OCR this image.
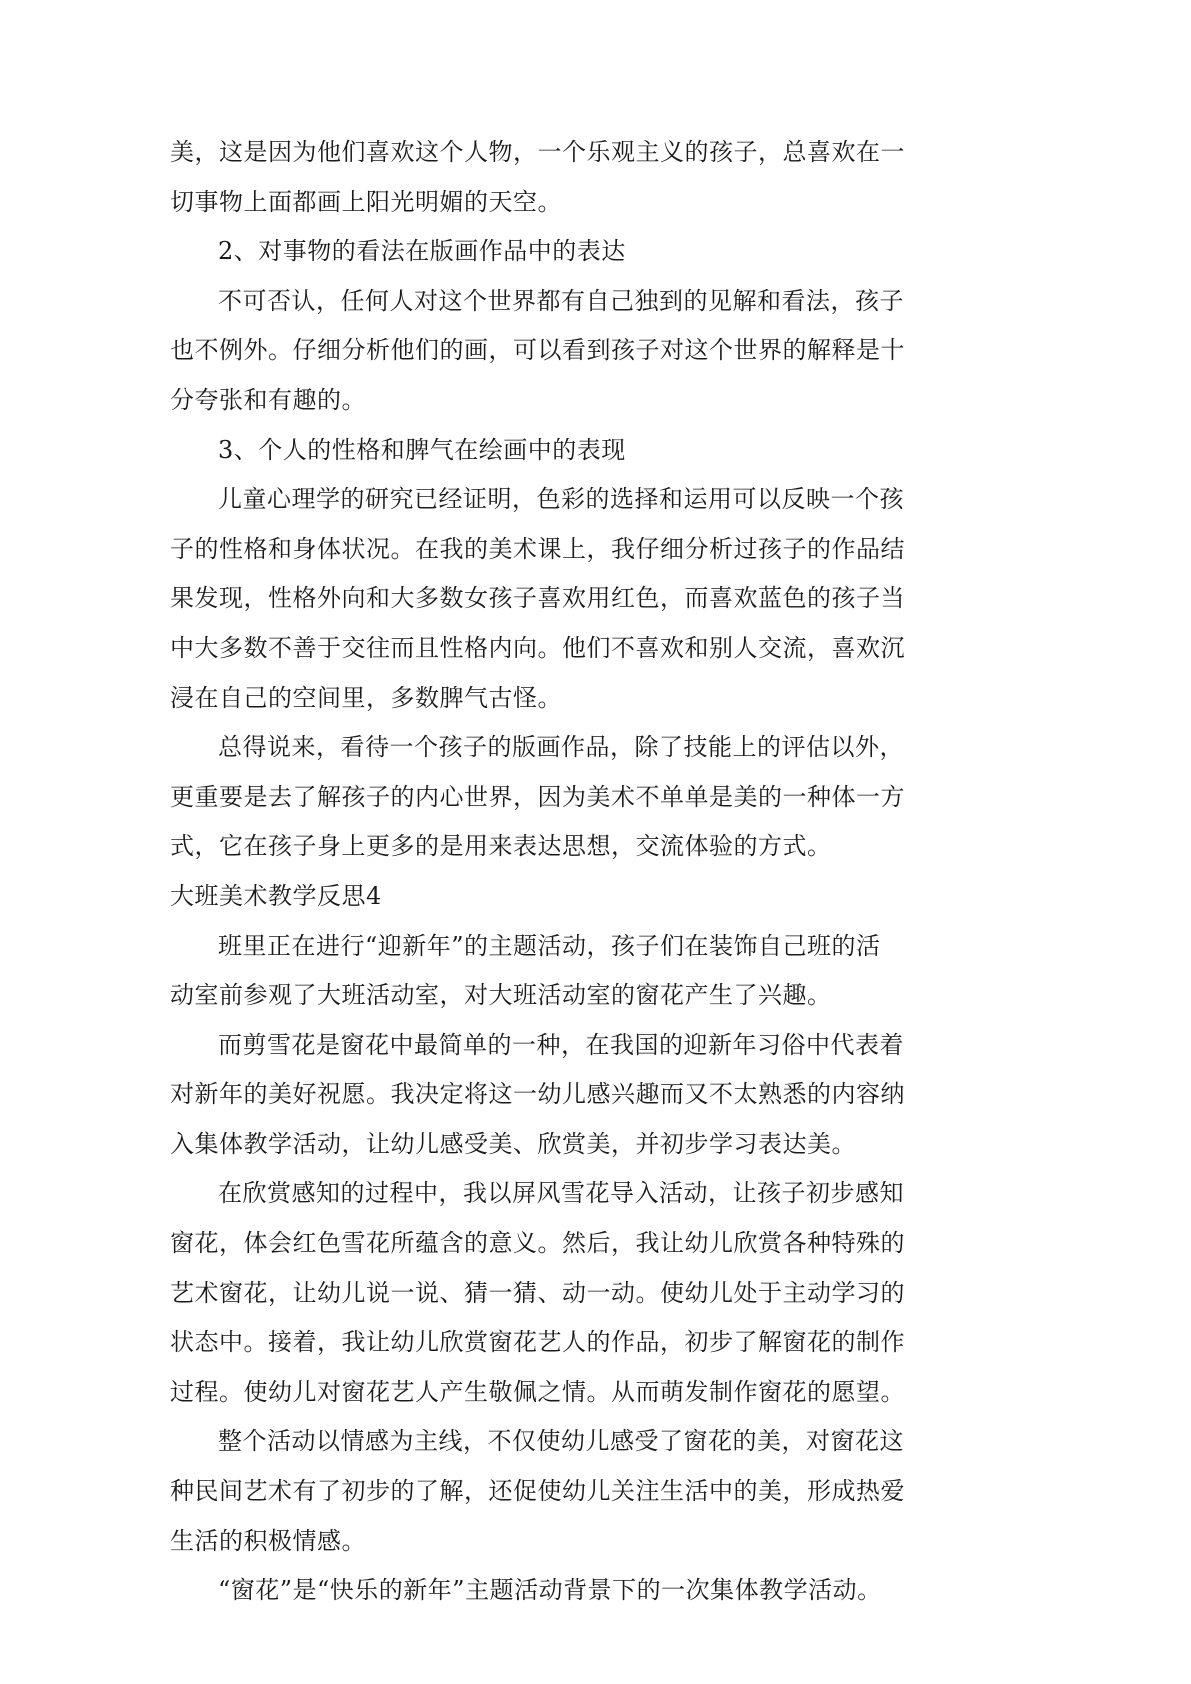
美，这是因为他们喜欢这个人物，一个乐观主义的孩子，总喜欢在一
切事物上面都画上阳光明媚的天空。

2、对事物的看法在版画作品中的表达

不可否认，任何人对这个世界都有自己独到的见解和看法，孩子
也不例外。仔细分析他们的画，可以看到孩子对这个世界的解释是十
分夸张和有趣的。

3、个人的性格和脾气在绘画中的表现

儿童心理学的研究已经证明，色彩的选择和运用可以反映一个孩
子的性格和身体状况。在我的美术课上，我仔细分析过孩子的作品结
果发现，性格外向和大多数女孩子喜欢用红色，而喜欢蓝色的孩子当
中大多数不善于交往而且性格内向。他们不喜欢和别人交流，喜欢沉
浸在自己的空间里，多数脾气古怪。

总得说来，看待一个孩子的版画作品，除了技能上的评估以外，
更重要是去了解孩子的内心世界，因为美术不单单是美的一种体一方
式，它在孩子身上更多的是用来表达思想，交流体验的方式。

大班美术教学反思4

班里正在进行“迎新年”的主题活动，孩子们在装饰自己班的活
动室前参观了大班活动室，对大班活动室的窗花产生了兴趣。

而剪雪花是窗花中最简单的一种，在我国的迎新年习俗中代表着
对新年的美好祝愿。我决定将这一幼儿感兴趣而又不太熟悉的内容纳
入集体教学活动，让幼儿感受美、欣赏美，并初步学习表达美。

在欣赏感知的过程中，我以屏风雪花导入活动，让孩子初步感知
窗花，体会红色雪花所蕴含的意义。然后，我让幼儿欣赏各种特殊的
艺术窗花，让幼儿说一说、猜一猜、动一动。使幼儿处于主动学习的
状态中。接着，我让幼儿欣赏窗花艺人的作品，初步了解窗花的制作
过程。使幼儿对窗花艺人产生敬佩之情。从而萌发制作窗花的愿望。

整个活动以情感为主线，不仅使幼儿感受了窗花的美，对窗花这
种民间艺术有了初步的了解，还促使幼儿关注生活中的美，形成热爱
生活的积极情感。

“窗花”是“快乐的新年”主题活动背景下的一次集体教学活动。
